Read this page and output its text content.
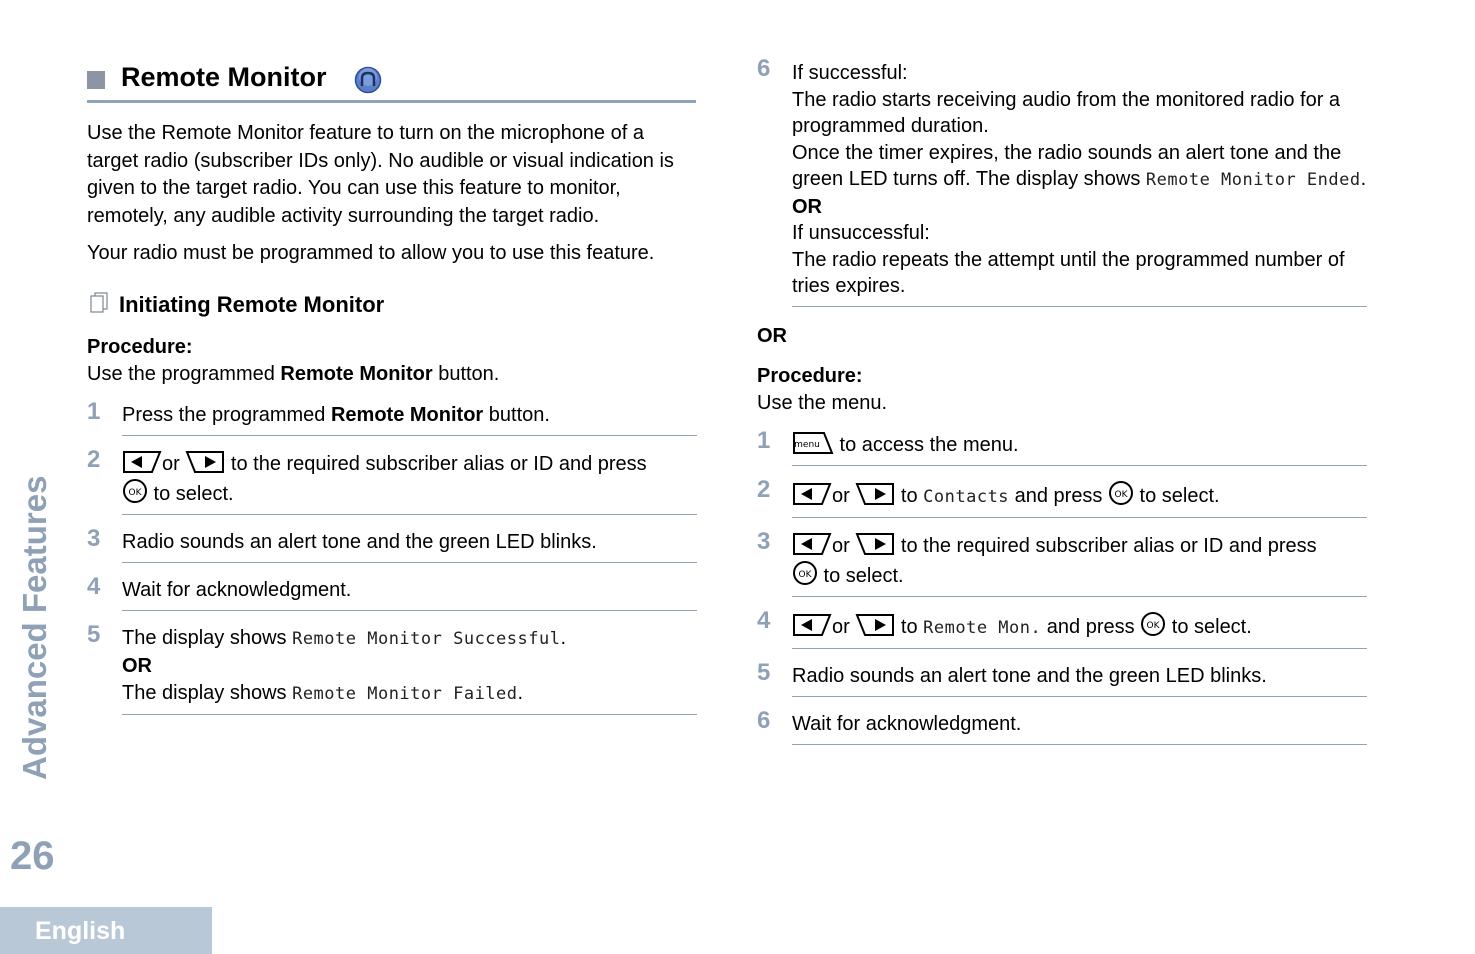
Advanced Features
26
English
Remote Monitor

Use the Remote Monitor feature to turn on the microphone of a target radio (subscriber IDs only). No audible or visual indication is given to the target radio. You can use this feature to monitor, remotely, any audible activity surrounding the target radio.

Your radio must be programmed to allow you to use this feature.

Initiating Remote Monitor
Procedure:
Use the programmed Remote Monitor button.
1 Press the programmed Remote Monitor button.
2	or  to the required subscriber alias or ID and press

OK to select.
3 Radio sounds an alert tone and the green LED blinks.
4 Wait for acknowledgment.
5 The display shows Remote Monitor Successful.
OR
The display shows Remote Monitor Failed.
6 If successful:
The radio starts receiving audio from the monitored radio for a programmed duration.
Once the timer expires, the radio sounds an alert tone and the green LED turns off. The display shows Remote Monitor Ended.
OR
If unsuccessful:
The radio repeats the attempt until the programmed number of tries expires.
OR
Procedure:
Use the menu.
1	menu to access the menu.
2	or  to Contacts and press OK to select.
3	or  to the required subscriber alias or ID and press

OK to select.
4	or  to Remote Mon. and press OK to select.
5 Radio sounds an alert tone and the green LED blinks.
6 Wait for acknowledgment.
